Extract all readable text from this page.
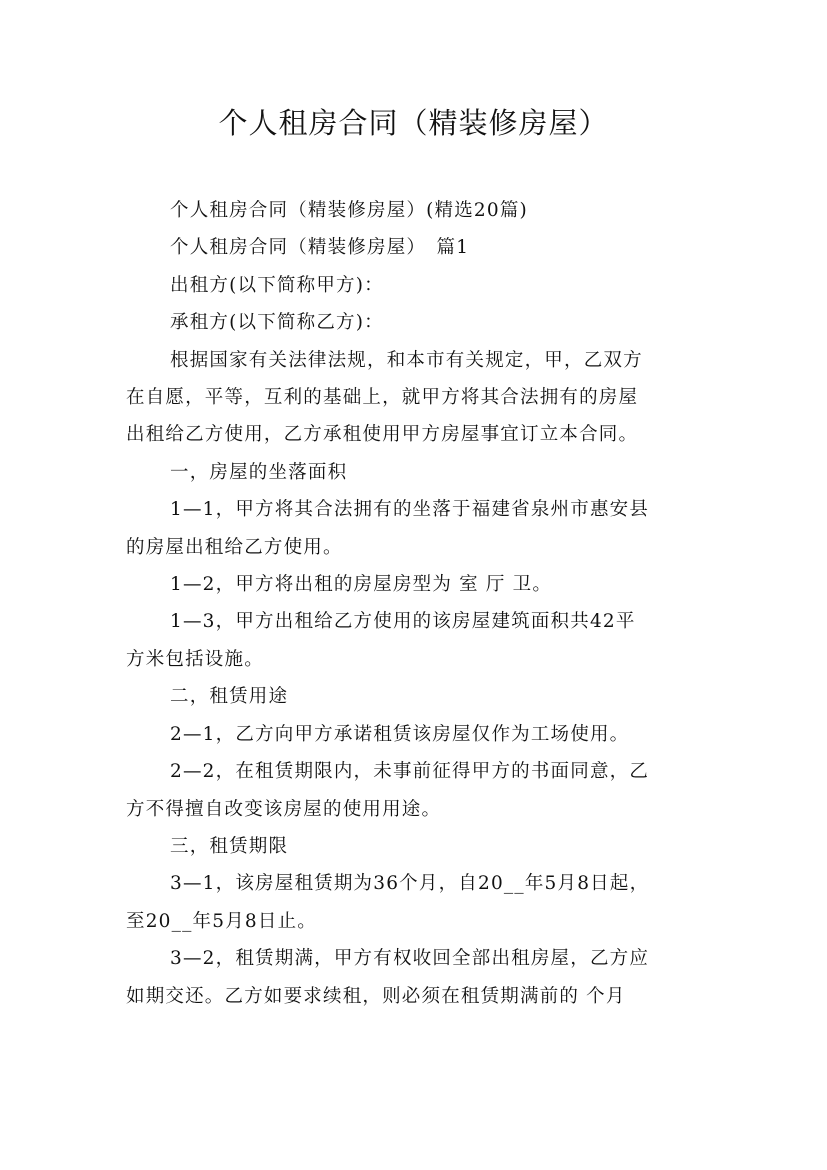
个人租房合同（精装修房屋）

个人租房合同（精装修房屋）(精选20篇)

个人租房合同（精装修房屋）　篇1

出租方(以下简称甲方)：

承租方(以下简称乙方)：

根据国家有关法律法规，和本市有关规定，甲，乙双方
在自愿，平等，互利的基础上，就甲方将其合法拥有的房屋
出租给乙方使用，乙方承租使用甲方房屋事宜订立本合同。

一，房屋的坐落面积

1—1，甲方将其合法拥有的坐落于福建省泉州市惠安县
的房屋出租给乙方使用。

1—2，甲方将出租的房屋房型为 室 厅 卫。

1—3，甲方出租给乙方使用的该房屋建筑面积共42平
方米包括设施。

二，租赁用途

2—1，乙方向甲方承诺租赁该房屋仅作为工场使用。

2—2，在租赁期限内，未事前征得甲方的书面同意，乙
方不得擅自改变该房屋的使用用途。

三，租赁期限

3—1，该房屋租赁期为36个月，自20__年5月8日起，
至20__年5月8日止。

3—2，租赁期满，甲方有权收回全部出租房屋，乙方应
如期交还。乙方如要求续租，则必须在租赁期满前的 个月
